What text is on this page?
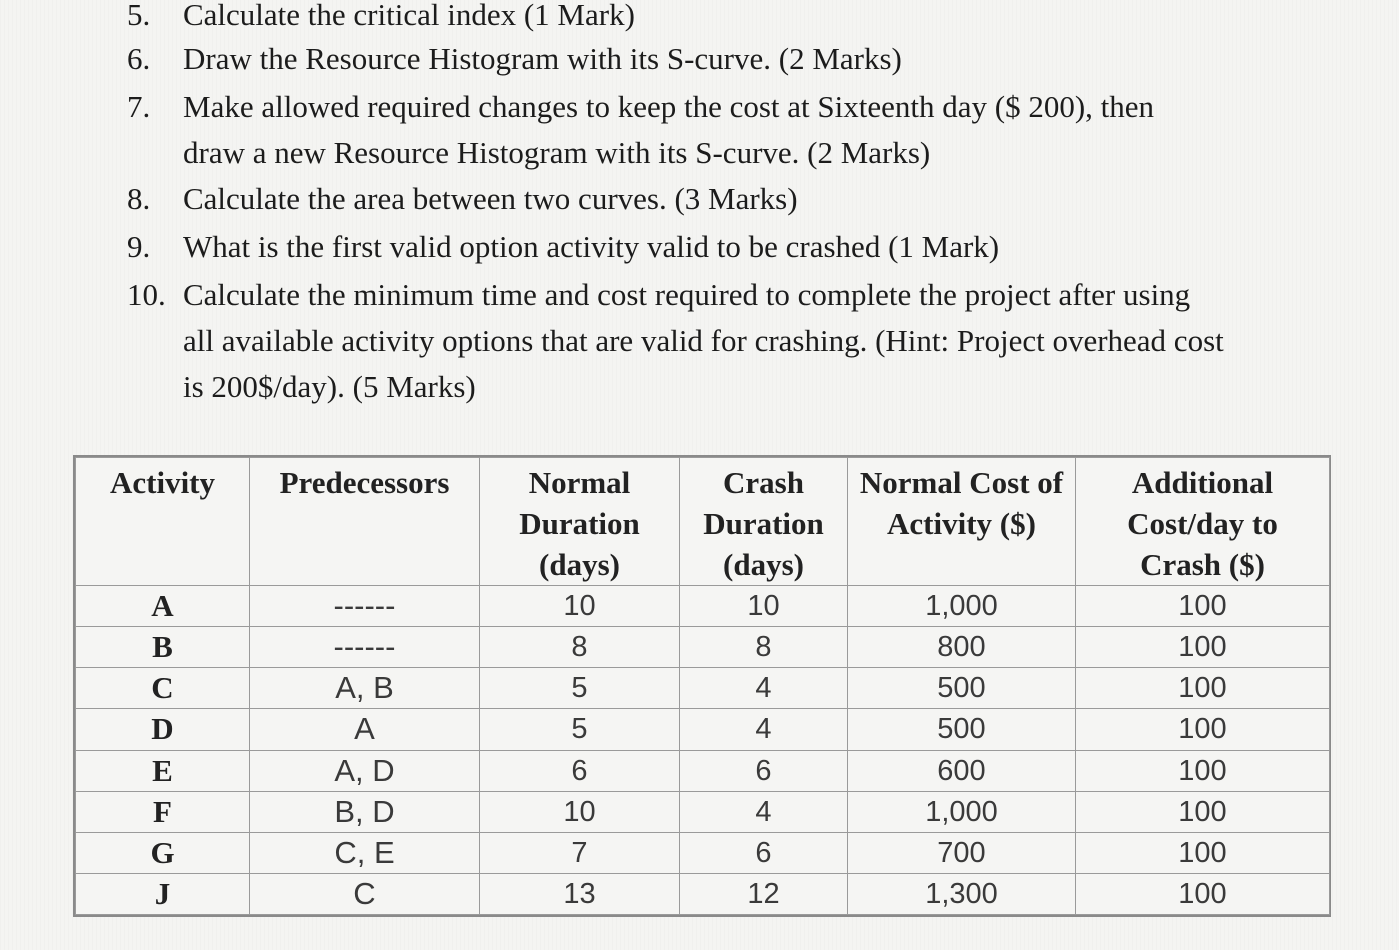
5. Calculate the critical index (1 Mark)
6. Draw the Resource Histogram with its S-curve. (2 Marks)
7. Make allowed required changes to keep the cost at Sixteenth day ($ 200), then
draw a new Resource Histogram with its S-curve. (2 Marks)
8. Calculate the area between two curves. (3 Marks)
9. What is the first valid option activity valid to be crashed (1 Mark)
10. Calculate the minimum time and cost required to complete the project after using
all available activity options that are valid for crashing. (Hint: Project overhead cost
is 200$/day). (5 Marks)
Activity	Predecessors	Normal Duration (days)	Crash Duration (days)	Normal Cost of Activity ($)	Additional Cost/day to Crash ($)
A	------	10	10	1,000	100
B	------	8	8	800	100
C	A, B	5	4	500	100
D	A	5	4	500	100
E	A, D	6	6	600	100
F	B, D	10	4	1,000	100
G	C, E	7	6	700	100
J	C	13	12	1,300	100
